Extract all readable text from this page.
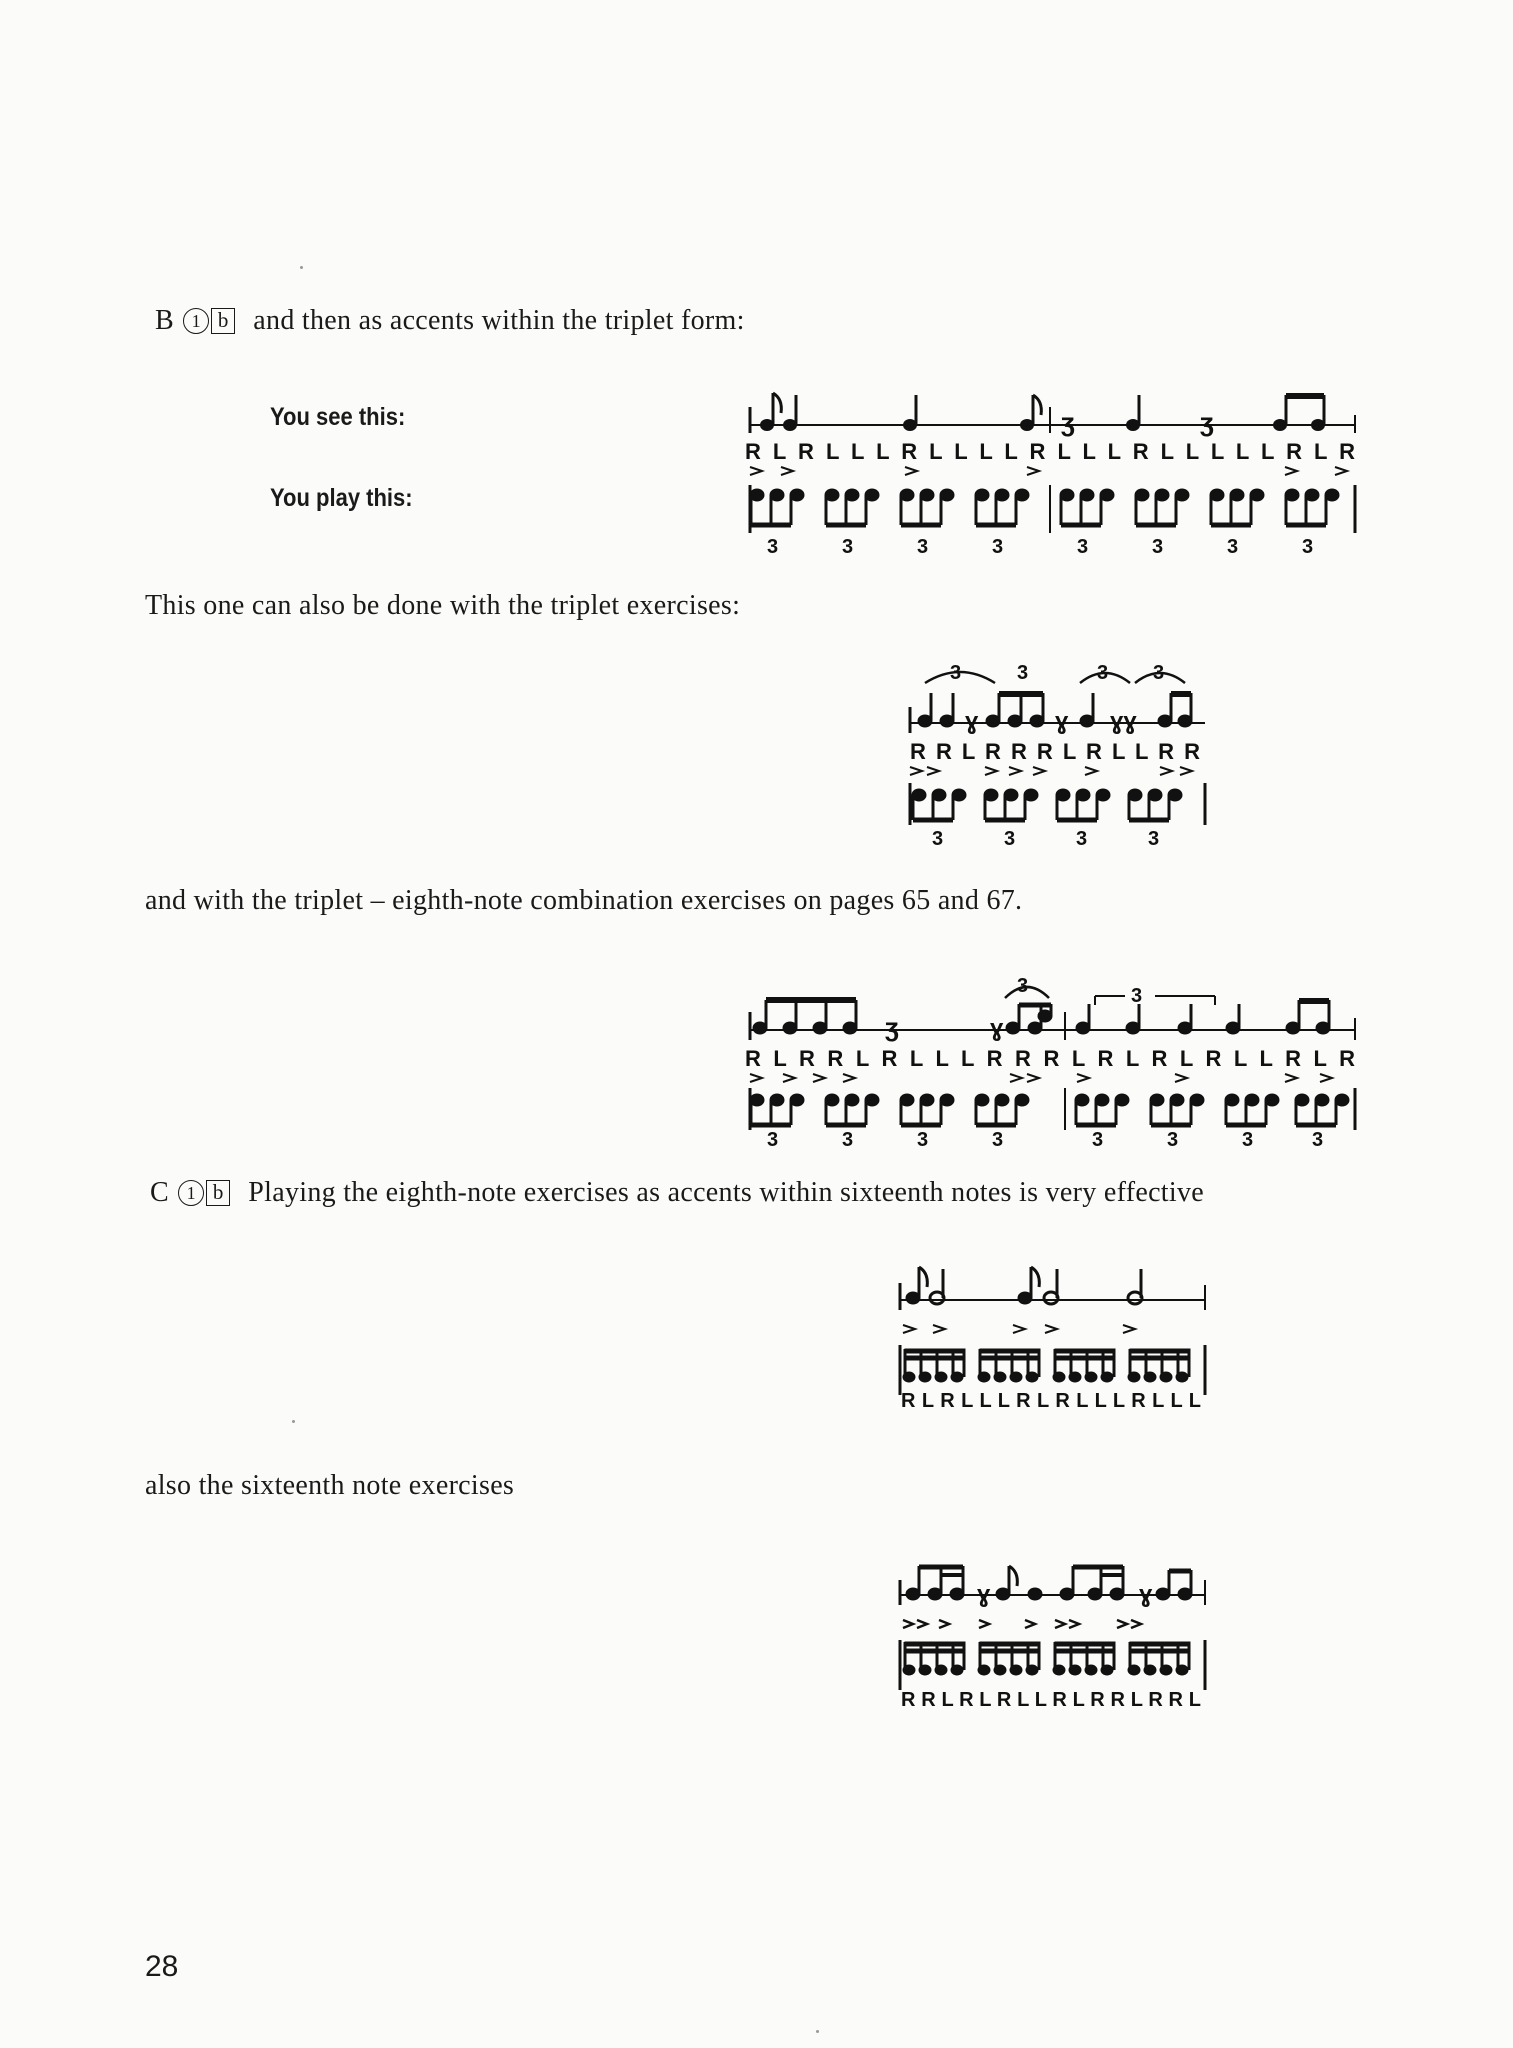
B 1 b and then as accents within the triplet form:
You see this:
You play this:
ʒ	ʒ
R L R L L L R L L L L R L L L R L L L L L R L R
3	3	3	3	3	3	3	3
This one can also be done with the triplet exercises:
3	3	3 3
ɣ	ɣ ɣɣ
R R L R R R L R L L R R
3	3	3	3
and with the triplet – eighth-note combination exercises on pages 65 and 67.
3	3
ʒ	ɣ
R L R R L R L L L R R R L R L R L R L L R L R
3	3	3	3	3	3	3	3
C 1 b Playing the eighth-note exercises as accents within sixteenth notes is very effective
R L R L L L R L R L L L R L L L
also the sixteenth note exercises
ɣ	ɣ
R R L R L R L L R L R R L R R L
28
